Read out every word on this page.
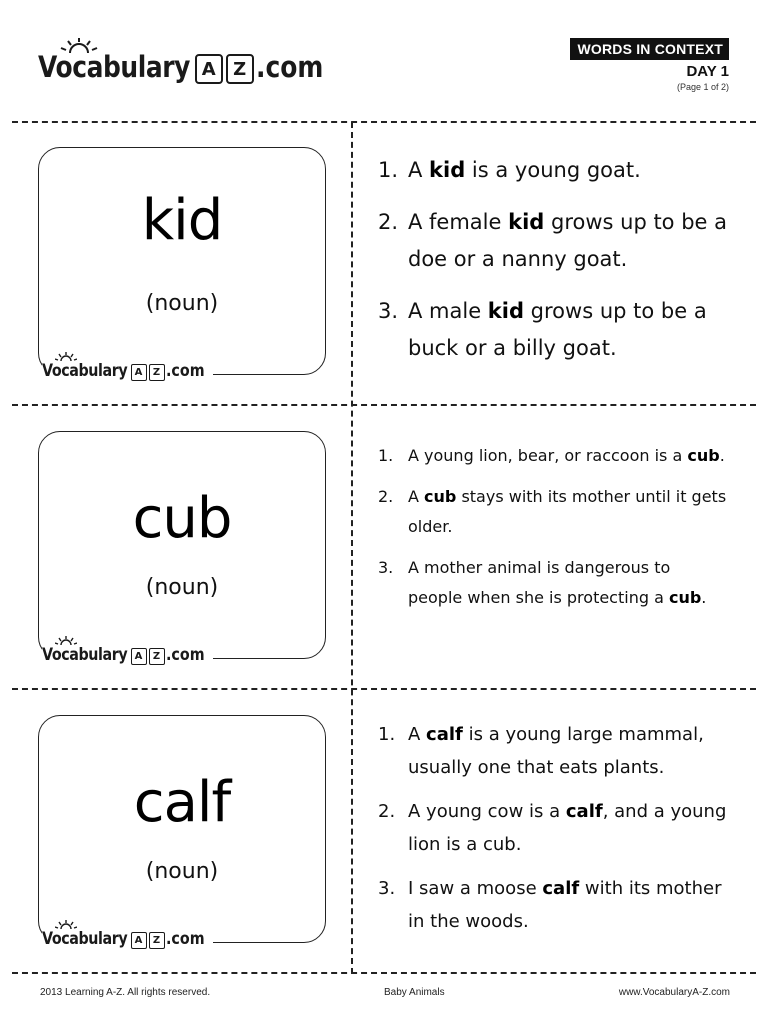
Vocabulary A Z .com
WORDS IN CONTEXT
DAY 1
(Page 1 of 2)
kid
(noun)
Vocabulary A	Z .com
1. A kid is a young goat.
2. A female kid grows up to be a doe or a nanny goat.
3. A male kid grows up to be a buck or a billy goat.
cub
(noun)
Vocabulary A	Z .com
1. A young lion, bear, or raccoon is a cub.
2. A cub stays with its mother until it gets older.
3. A mother animal is dangerous to people when she is protecting a cub.
calf
(noun)
Vocabulary A	Z .com
1. A calf is a young large mammal, usually one that eats plants.
2. A young cow is a calf, and a young lion is a cub.
3. I saw a moose calf with its mother in the woods.
2013 Learning A-Z. All rights reserved.	Baby Animals	www.VocabularyA-Z.com
